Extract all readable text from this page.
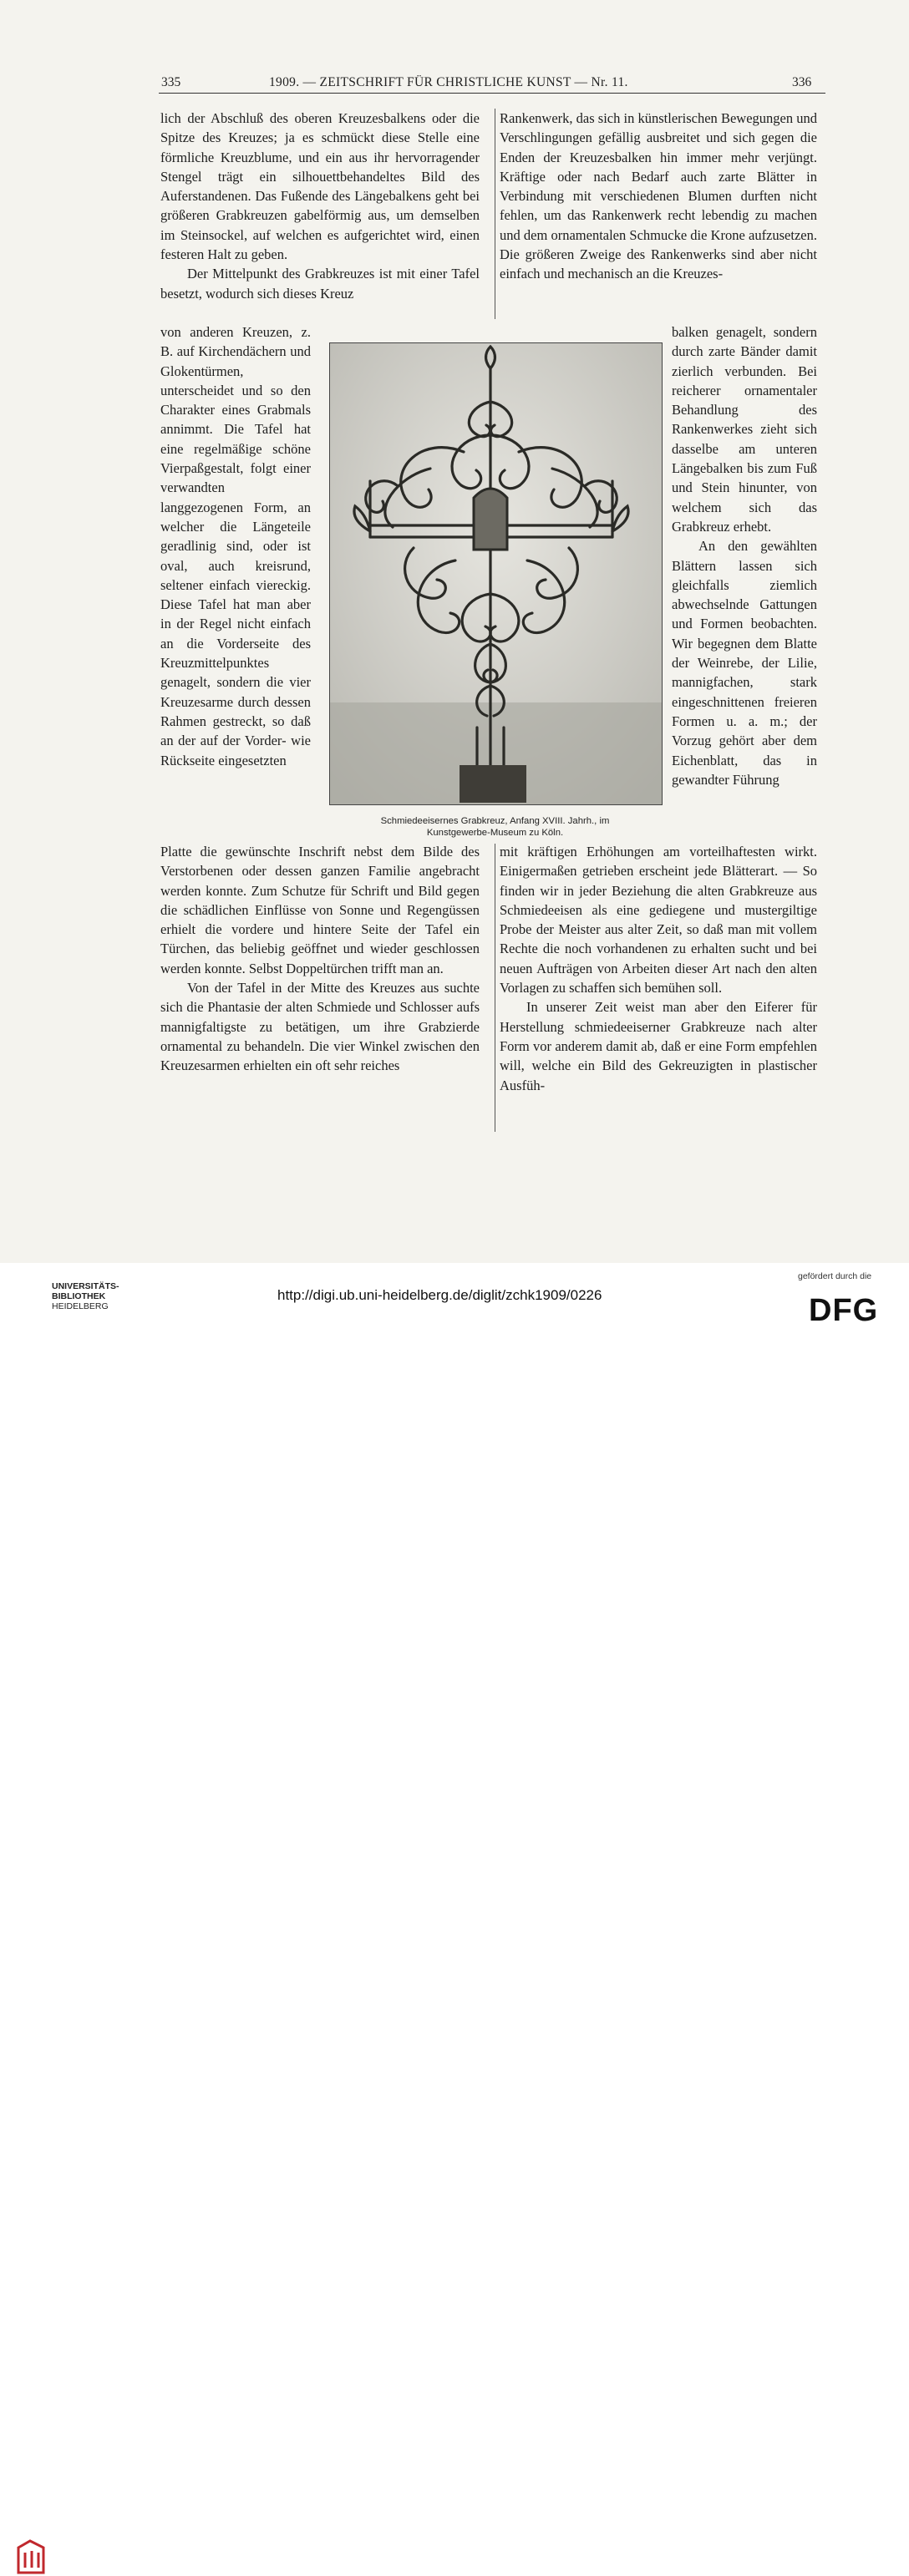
335	1909. — ZEITSCHRIFT FÜR CHRISTLICHE KUNST — Nr. 11.	336

lich der Abschluß des oberen Kreuzesbalkens oder die Spitze des Kreuzes; ja es schmückt diese Stelle eine förmliche Kreuzblume, und ein aus ihr hervorragender Stengel trägt ein silhouettbehandeltes Bild des Auferstandenen. Das Fußende des Längebalkens geht bei größeren Grabkreuzen gabelförmig aus, um demselben im Steinsockel, auf welchen es aufgerichtet wird, einen festeren Halt zu geben.

Der Mittelpunkt des Grabkreuzes ist mit einer Tafel besetzt, wodurch sich dieses Kreuz

von anderen Kreuzen, z. B. auf Kirchendächern und Glokentürmen, unterscheidet und so den Charakter eines Grabmals annimmt. Die Tafel hat eine regelmäßige schöne Vierpaßgestalt, folgt einer verwandten langgezogenen Form, an welcher die Längeteile geradlinig sind, oder ist oval, auch kreisrund, seltener einfach viereckig. Diese Tafel hat man aber in der Regel nicht einfach an die Vorderseite des Kreuzmittelpunktes genagelt, sondern die vier Kreuzesarme durch dessen Rahmen gestreckt, so daß an der auf der Vorder- wie Rückseite eingesetzten

Platte die gewünschte Inschrift nebst dem Bilde des Verstorbenen oder dessen ganzen Familie angebracht werden konnte. Zum Schutze für Schrift und Bild gegen die schädlichen Einflüsse von Sonne und Regengüssen erhielt die vordere und hintere Seite der Tafel ein Türchen, das beliebig geöffnet und wieder geschlossen werden konnte. Selbst Doppeltürchen trifft man an.

Von der Tafel in der Mitte des Kreuzes aus suchte sich die Phantasie der alten Schmiede und Schlosser aufs mannigfaltigste zu betätigen, um ihre Grabzierde ornamental zu behandeln. Die vier Winkel zwischen den Kreuzesarmen erhielten ein oft sehr reiches

Rankenwerk, das sich in künstlerischen Bewegungen und Verschlingungen gefällig ausbreitet und sich gegen die Enden der Kreuzesbalken hin immer mehr verjüngt. Kräftige oder nach Bedarf auch zarte Blätter in Verbindung mit verschiedenen Blumen durften nicht fehlen, um das Rankenwerk recht lebendig zu machen und dem ornamentalen Schmucke die Krone aufzusetzen. Die größeren Zweige des Rankenwerks sind aber nicht einfach und mechanisch an die Kreuzes-

balken genagelt, sondern durch zarte Bänder damit zierlich verbunden. Bei reicherer ornamentaler Behandlung des Rankenwerkes zieht sich dasselbe am unteren Längebalken bis zum Fuß und Stein hinunter, von welchem sich das Grabkreuz erhebt.

An den gewählten Blättern lassen sich gleichfalls ziemlich abwechselnde Gattungen und Formen beobachten. Wir begegnen dem Blatte der Weinrebe, der Lilie, mannigfachen, stark eingeschnittenen freieren Formen u. a. m.; der Vorzug gehört aber dem Eichenblatt, das in gewandter Führung

mit kräftigen Erhöhungen am vorteilhaftesten wirkt. Einigermaßen getrieben erscheint jede Blätterart. — So finden wir in jeder Beziehung die alten Grabkreuze aus Schmiedeeisen als eine gediegene und mustergiltige Probe der Meister aus alter Zeit, so daß man mit vollem Rechte die noch vorhandenen zu erhalten sucht und bei neuen Aufträgen von Arbeiten dieser Art nach den alten Vorlagen zu schaffen sich bemühen soll.

In unserer Zeit weist man aber den Eiferer für Herstellung schmiedeeiserner Grabkreuze nach alter Form vor anderem damit ab, daß er eine Form empfehlen will, welche ein Bild des Gekreuzigten in plastischer Ausfüh-

Schmiedeeisernes Grabkreuz, Anfang XVIII. Jahrh., im
Kunstgewerbe-Museum zu Köln.
UNIVERSITÄTS-
BIBLIOTHEK
HEIDELBERG
http://digi.ub.uni-heidelberg.de/diglit/zchk1909/0226
gefördert durch die
DFG
